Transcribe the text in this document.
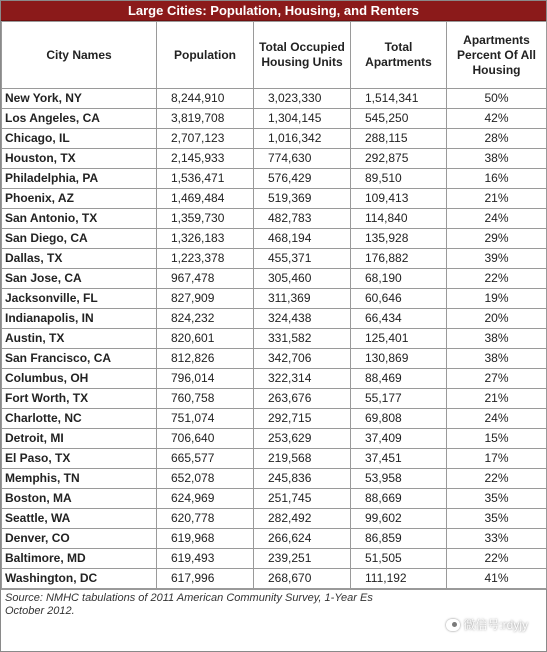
Large Cities: Population, Housing, and Renters
City Names	Population	Total Occupied Housing Units	Total Apartments	Apartments Percent Of All Housing
New York, NY	8,244,910	3,023,330	1,514,341	50%
Los Angeles, CA	3,819,708	1,304,145	545,250	42%
Chicago, IL	2,707,123	1,016,342	288,115	28%
Houston, TX	2,145,933	774,630	292,875	38%
Philadelphia, PA	1,536,471	576,429	89,510	16%
Phoenix, AZ	1,469,484	519,369	109,413	21%
San Antonio, TX	1,359,730	482,783	114,840	24%
San Diego, CA	1,326,183	468,194	135,928	29%
Dallas, TX	1,223,378	455,371	176,882	39%
San Jose, CA	967,478	305,460	68,190	22%
Jacksonville, FL	827,909	311,369	60,646	19%
Indianapolis, IN	824,232	324,438	66,434	20%
Austin, TX	820,601	331,582	125,401	38%
San Francisco, CA	812,826	342,706	130,869	38%
Columbus, OH	796,014	322,314	88,469	27%
Fort Worth, TX	760,758	263,676	55,177	21%
Charlotte, NC	751,074	292,715	69,808	24%
Detroit, MI	706,640	253,629	37,409	15%
El Paso, TX	665,577	219,568	37,451	17%
Memphis, TN	652,078	245,836	53,958	22%
Boston, MA	624,969	251,745	88,669	35%
Seattle, WA	620,778	282,492	99,602	35%
Denver, CO	619,968	266,624	86,859	33%
Baltimore, MD	619,493	239,251	51,505	22%
Washington, DC	617,996	268,670	111,192	41%
Source: NMHC tabulations of 2011 American Community Survey, 1-Year Es
October 2012.
微信号:rdyjy
